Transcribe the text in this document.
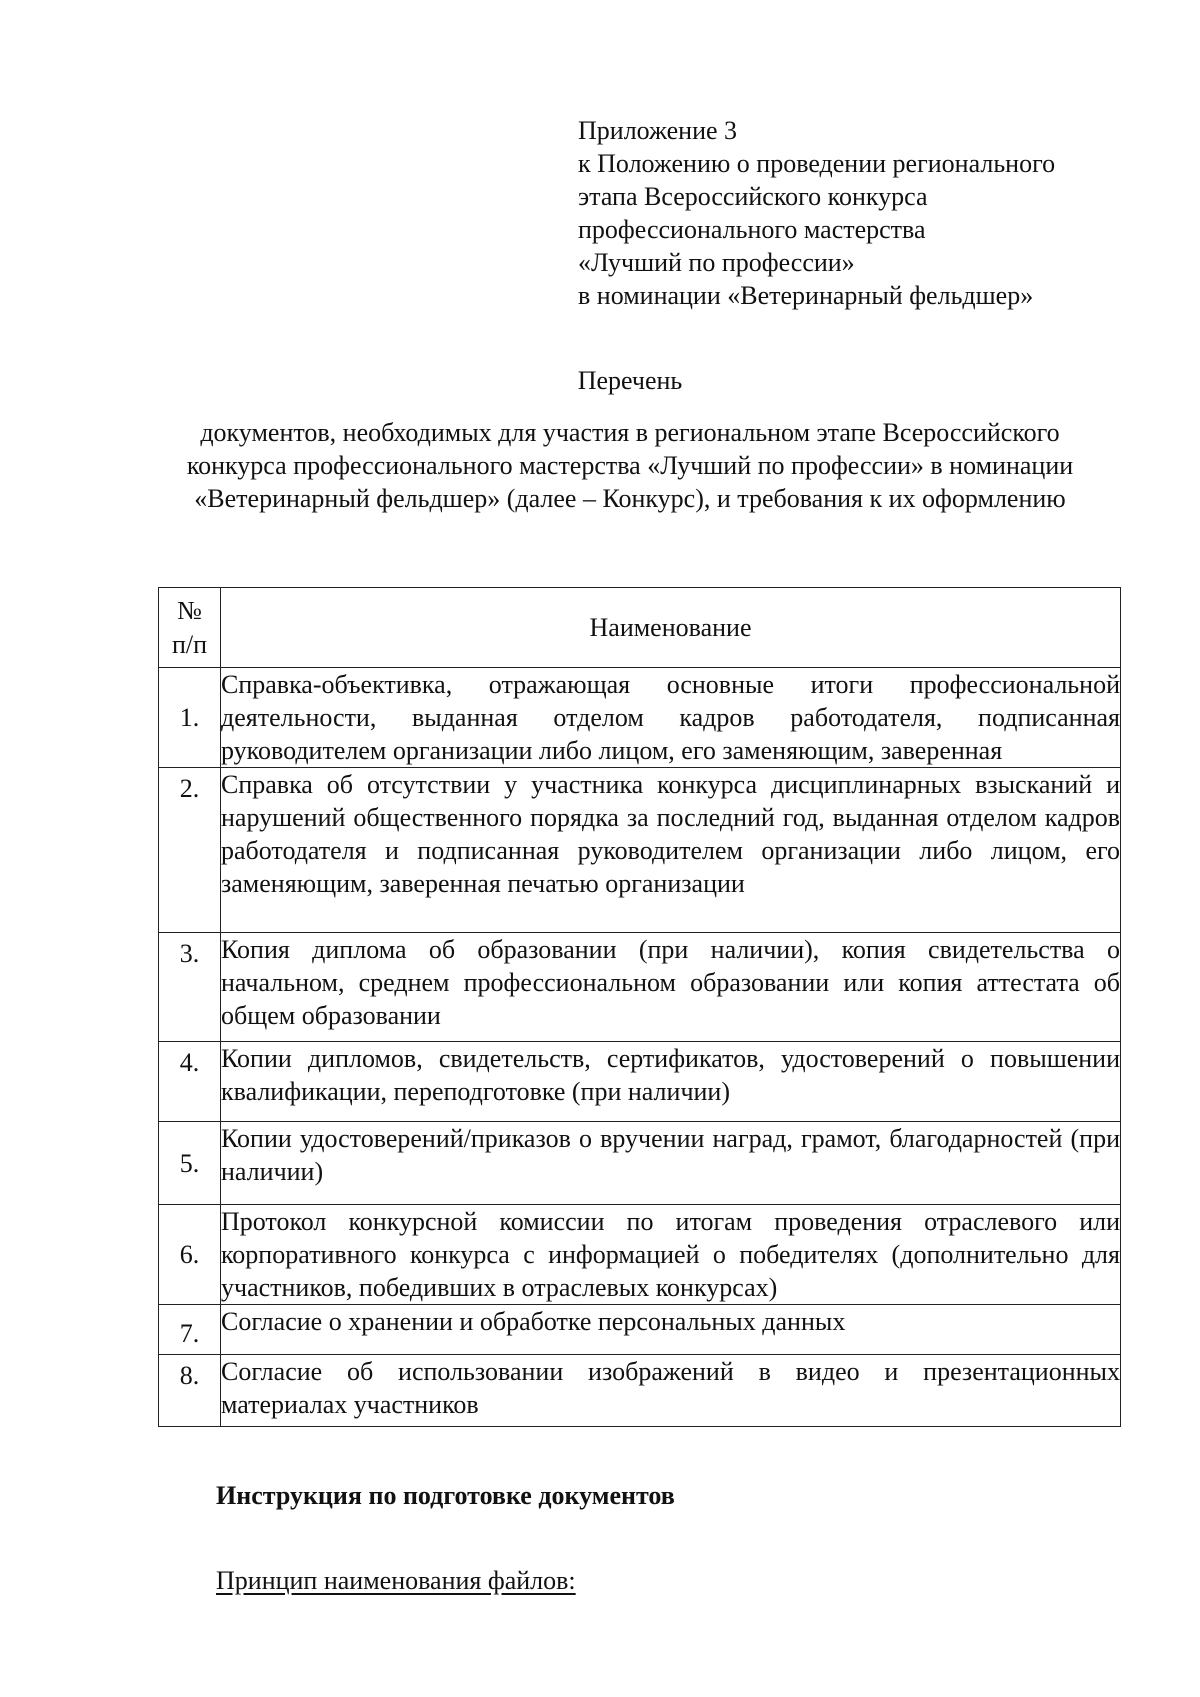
Приложение 3
к Положению о проведении регионального
этапа Всероссийского конкурса
профессионального мастерства
«Лучший по профессии»
в номинации «Ветеринарный фельдшер»
Перечень
документов, необходимых для участия в региональном этапе Всероссийского
конкурса профессионального мастерства «Лучший по профессии» в номинации
«Ветеринарный фельдшер» (далее – Конкурс), и требования к их оформлению
№
п/п	Наименование
1.	Справка-объективка, отражающая основные итоги профессиональной деятельности, выданная отделом кадров работодателя, подписанная руководителем организации либо лицом, его заменяющим, заверенная
2.	Справка об отсутствии у участника конкурса дисциплинарных взысканий и нарушений общественного порядка за последний год, выданная отделом кадров работодателя и подписанная руководителем организации либо лицом, его заменяющим, заверенная печатью организации
3.	Копия диплома об образовании (при наличии), копия свидетельства о начальном, среднем профессиональном образовании или копия аттестата об общем образовании
4.	Копии дипломов, свидетельств, сертификатов, удостоверений о повышении квалификации, переподготовке (при наличии)
5.	Копии удостоверений/приказов о вручении наград, грамот, благодарностей (при наличии)
6.	Протокол конкурсной комиссии по итогам проведения отраслевого или корпоративного конкурса с информацией о победителях (дополнительно для участников, победивших в отраслевых конкурсах)
7.	Согласие о хранении и обработке персональных данных
8.	Согласие об использовании изображений в видео и презентационных материалах участников
Инструкция по подготовке документов
Принцип наименования файлов:
